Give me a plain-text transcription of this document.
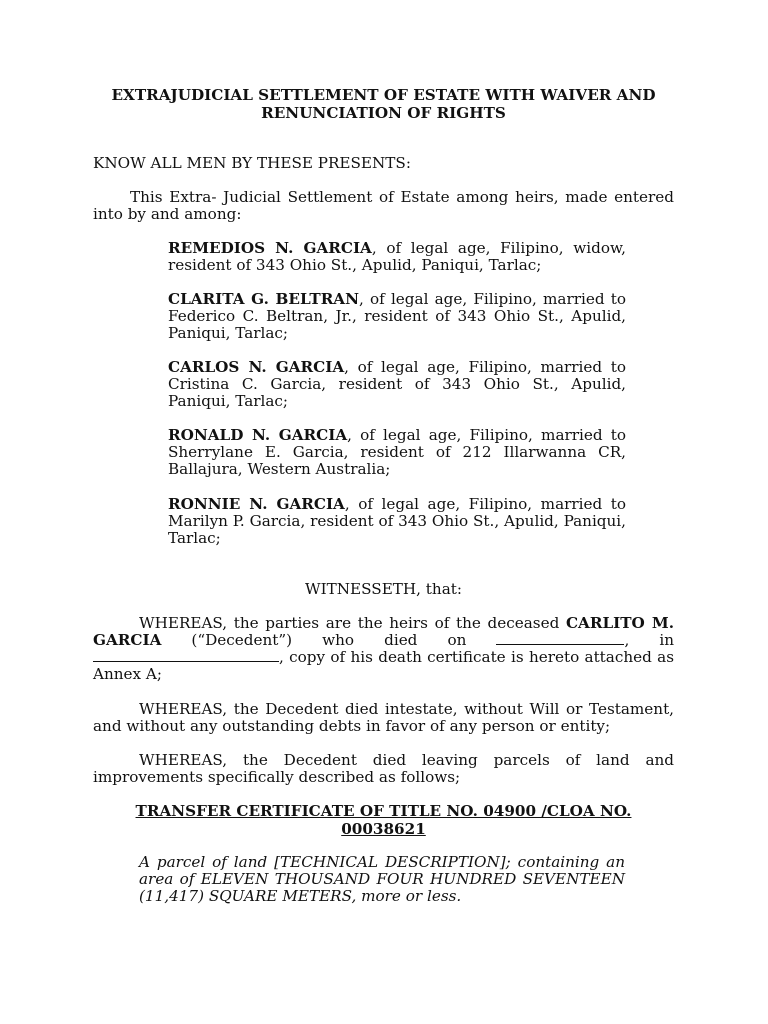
EXTRAJUDICIAL SETTLEMENT OF ESTATE WITH WAIVER AND RENUNCIATION OF RIGHTS

KNOW ALL MEN BY THESE PRESENTS:

This Extra- Judicial Settlement of Estate among heirs, made entered into by and among:

REMEDIOS N. GARCIA, of legal age, Filipino, widow, resident of 343 Ohio St., Apulid, Paniqui, Tarlac;

CLARITA G. BELTRAN, of legal age, Filipino, married to Federico C. Beltran, Jr., resident of 343 Ohio St., Apulid, Paniqui, Tarlac;

CARLOS N. GARCIA, of legal age, Filipino, married to Cristina C. Garcia, resident of 343 Ohio St., Apulid, Paniqui, Tarlac;

RONALD N. GARCIA, of legal age, Filipino, married to Sherrylane E. Garcia, resident of 212 Illarwanna CR, Ballajura, Western Australia;

RONNIE N. GARCIA, of legal age, Filipino, married to Marilyn P. Garcia, resident of 343 Ohio St., Apulid, Paniqui, Tarlac;

WITNESSETH, that:

WHEREAS, the parties are the heirs of the deceased CARLITO M. GARCIA (“Decedent”) who died on	, in , copy of his death certificate is hereto attached as Annex A;

WHEREAS, the Decedent died intestate, without Will or Testament, and without any outstanding debts in favor of any person or entity;

WHEREAS, the Decedent died leaving parcels of land and improvements specifically described as follows;

TRANSFER CERTIFICATE OF TITLE NO. 04900 /CLOA NO. 00038621

A parcel of land [TECHNICAL DESCRIPTION]; containing an area of ELEVEN THOUSAND FOUR HUNDRED SEVENTEEN (11,417) SQUARE METERS, more or less.
